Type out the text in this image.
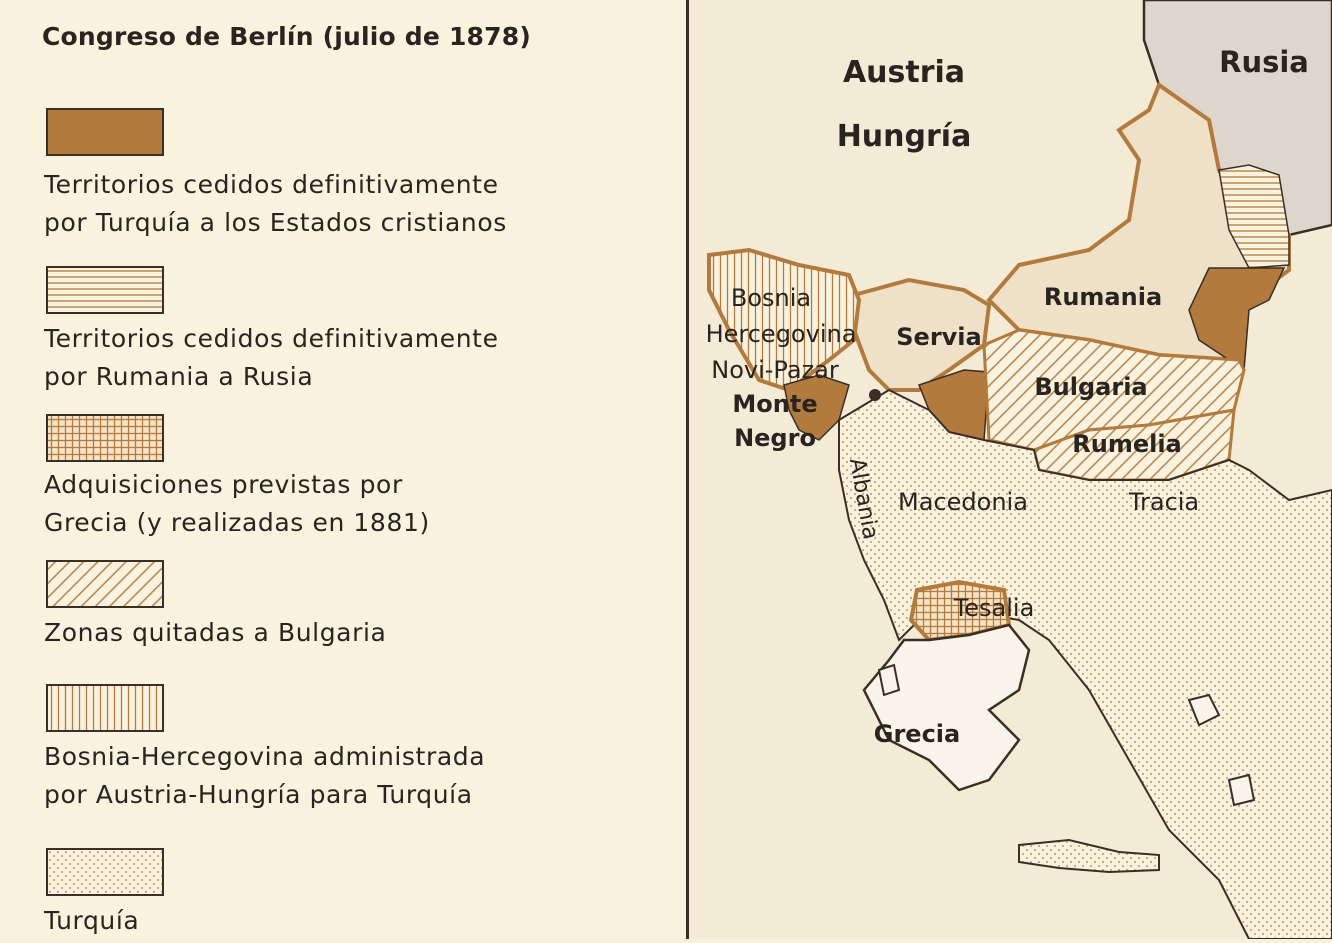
Congreso de Berlín (julio de 1878)
Territorios cedidos definitivamente
por Turquía a los Estados cristianos
Territorios cedidos definitivamente
por Rumania a Rusia
Adquisiciones previstas por
Grecia (y realizadas en 1881)
Zonas quitadas a Bulgaria
Bosnia-Hercegovina administrada
por Austria-Hungría para Turquía
Turquía
Austria
Hungría
Rusia
Bosnia
Hercegovina Servia
Novi-Pazar
Monte
Negro
Rumania
Bulgaria
Rumelia
Albania Macedonia	Tracia
Tesalia
Grecia
